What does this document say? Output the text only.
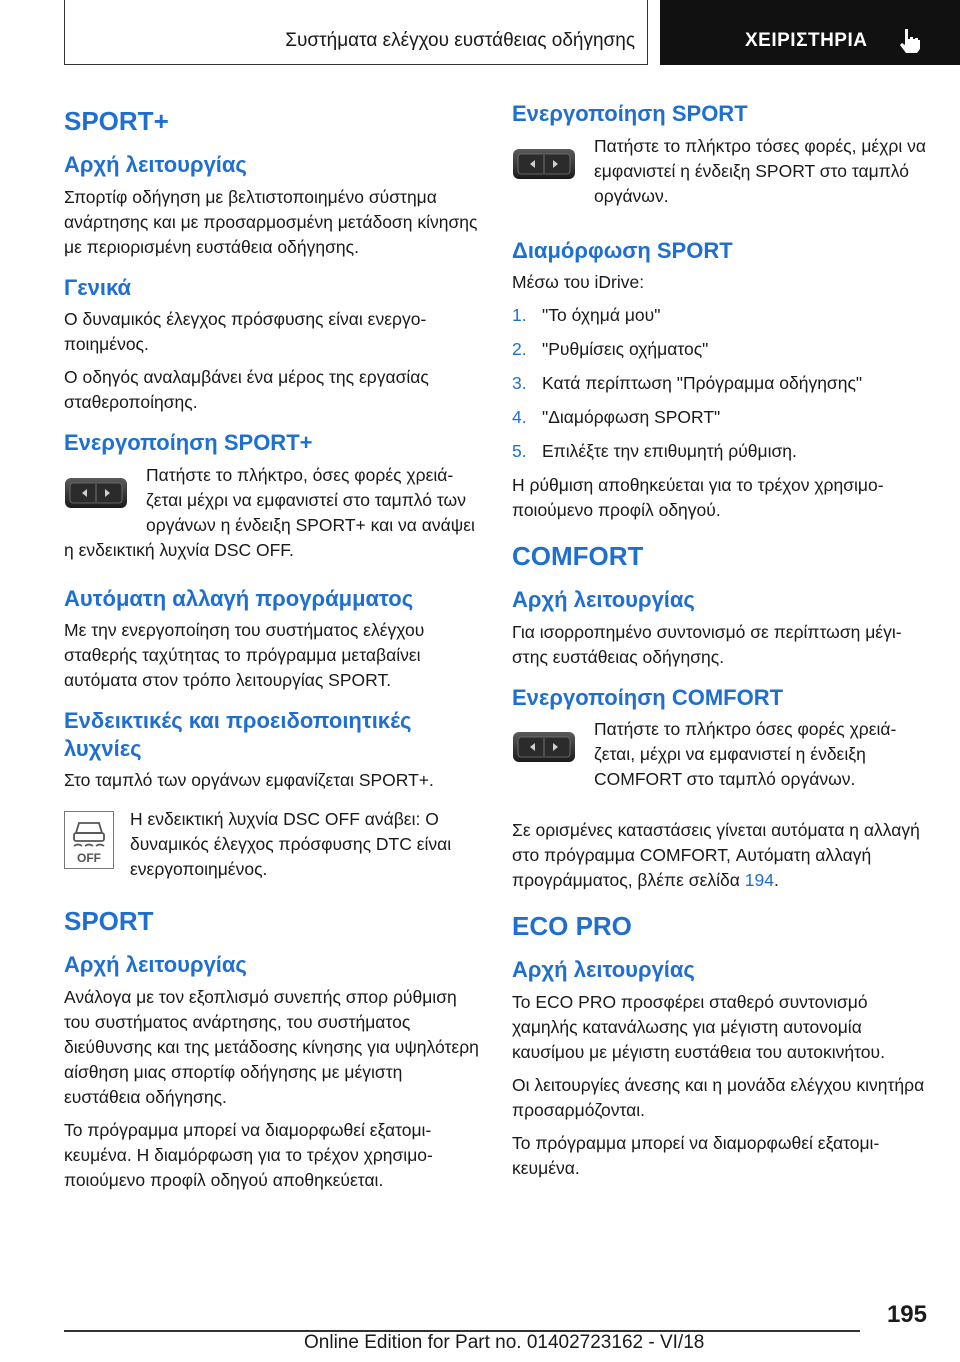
Συστήματα ελέγχου ευστάθειας οδήγησης	ΧΕΙΡΙΣΤΗΡΙΑ
SPORT+
Αρχή λειτουργίας

Σπορτίφ οδήγηση με βελτιστοποιημένο σύστημα ανάρτησης και με προσαρμοσμένη μετάδοση κίνησης με περιορισμένη ευστάθεια οδήγησης.

Γενικά

Ο δυναμικός έλεγχος πρόσφυσης είναι ενεργοποιημένος.

Ο οδηγός αναλαμβάνει ένα μέρος της εργασίας σταθεροποίησης.

Ενεργοποίηση SPORT+

Πατήστε το πλήκτρο, όσες φορές χρειάζεται μέχρι να εμφανιστεί στο ταμπλό των οργάνων η ένδειξη SPORT+ και να ανάψει η ενδεικτική λυχνία DSC OFF.

Αυτόματη αλλαγή προγράμματος

Με την ενεργοποίηση του συστήματος ελέγχου σταθερής ταχύτητας το πρόγραμμα μεταβαίνει αυτόματα στον τρόπο λειτουργίας SPORT.

Ενδεικτικές και προειδοποιητικές λυχνίες

Στο ταμπλό των οργάνων εμφανίζεται SPORT+.

OFF

Η ενδεικτική λυχνία DSC OFF ανάβει: Ο δυναμικός έλεγχος πρόσφυσης DTC είναι ενεργοποιημένος.

SPORT
Αρχή λειτουργίας

Ανάλογα με τον εξοπλισμό συνεπής σπορ ρύθμιση του συστήματος ανάρτησης, του συστήματος διεύθυνσης και της μετάδοσης κίνησης για υψηλότερη αίσθηση μιας σπορτίφ οδήγησης με μέγιστη ευστάθεια οδήγησης.

Το πρόγραμμα μπορεί να διαμορφωθεί εξατομικευμένα. Η διαμόρφωση για το τρέχον χρησιμοποιούμενο προφίλ οδηγού αποθηκεύεται.

Ενεργοποίηση SPORT

Πατήστε το πλήκτρο τόσες φορές, μέχρι να εμφανιστεί η ένδειξη SPORT στο ταμπλό οργάνων.

Διαμόρφωση SPORT

Μέσω του iDrive:

1. "Το όχημά μου"
2. "Ρυθμίσεις οχήματος"
3. Κατά περίπτωση "Πρόγραμμα οδήγησης"
4. "Διαμόρφωση SPORT"
5. Επιλέξτε την επιθυμητή ρύθμιση.

Η ρύθμιση αποθηκεύεται για το τρέχον χρησιμοποιούμενο προφίλ οδηγού.

COMFORT
Αρχή λειτουργίας

Για ισορροπημένο συντονισμό σε περίπτωση μέγιστης ευστάθειας οδήγησης.

Ενεργοποίηση COMFORT

Πατήστε το πλήκτρο όσες φορές χρειάζεται, μέχρι να εμφανιστεί η ένδειξη COMFORT στο ταμπλό οργάνων.

Σε ορισμένες καταστάσεις γίνεται αυτόματα η αλλαγή στο πρόγραμμα COMFORT, Αυτόματη αλλαγή προγράμματος, βλέπε σελίδα 194.

ECO PRO
Αρχή λειτουργίας

Το ECO PRO προσφέρει σταθερό συντονισμό χαμηλής κατανάλωσης για μέγιστη αυτονομία καυσίμου με μέγιστη ευστάθεια του αυτοκινήτου.

Οι λειτουργίες άνεσης και η μονάδα ελέγχου κινητήρα προσαρμόζονται.

Το πρόγραμμα μπορεί να διαμορφωθεί εξατομικευμένα.

195
Online Edition for Part no. 01402723162 - VI/18
